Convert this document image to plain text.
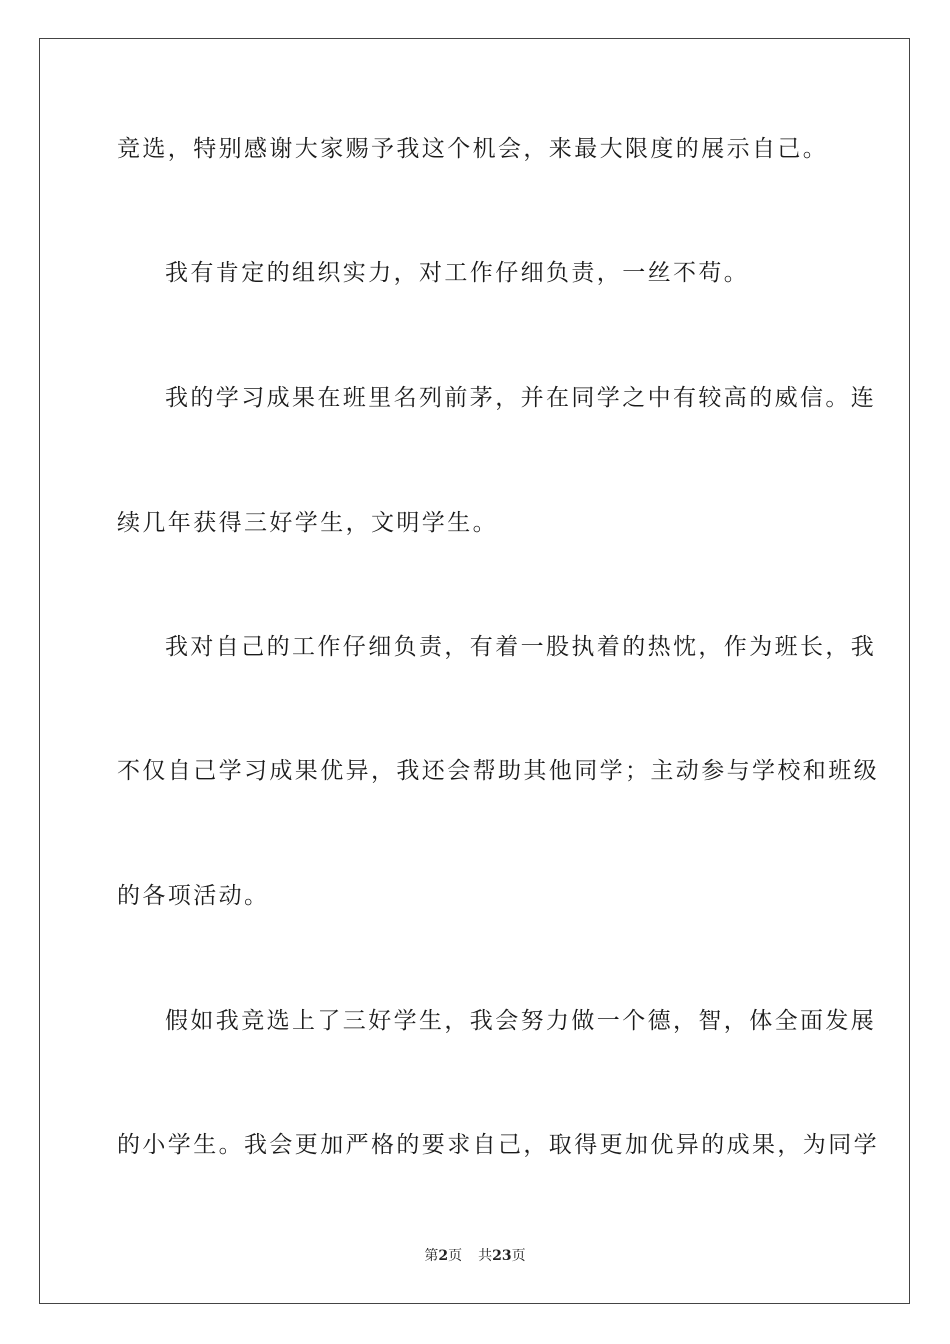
竞选，特别感谢大家赐予我这个机会，来最大限度的展示自己。
我有肯定的组织实力，对工作仔细负责，一丝不苟。
我的学习成果在班里名列前茅，并在同学之中有较高的威信。连
续几年获得三好学生，文明学生。
我对自己的工作仔细负责，有着一股执着的热忱，作为班长，我
不仅自己学习成果优异，我还会帮助其他同学；主动参与学校和班级
的各项活动。
假如我竞选上了三好学生，我会努力做一个德，智，体全面发展
的小学生。我会更加严格的要求自己，取得更加优异的成果，为同学
第2页 共23页
